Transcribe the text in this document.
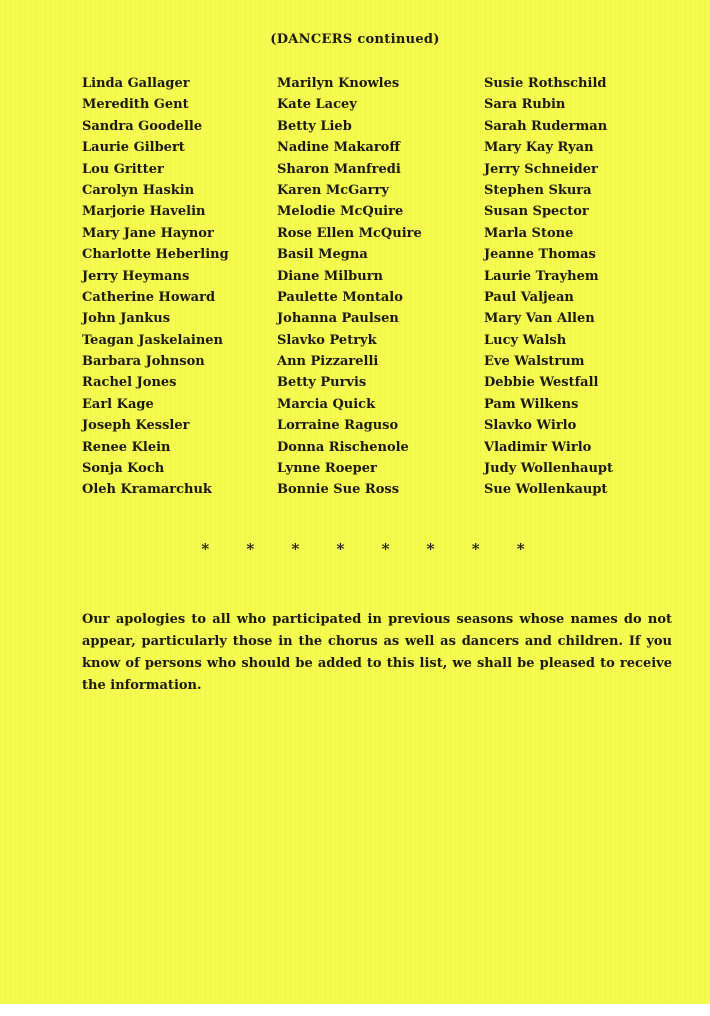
(DANCERS continued)
Linda Gallager
Meredith Gent
Sandra Goodelle
Laurie Gilbert
Lou Gritter
Carolyn Haskin
Marjorie Havelin
Mary Jane Haynor
Charlotte Heberling
Jerry Heymans
Catherine Howard
John Jankus
Teagan Jaskelainen
Barbara Johnson
Rachel Jones
Earl Kage
Joseph Kessler
Renee Klein
Sonja Koch
Oleh Kramarchuk
Marilyn Knowles
Kate Lacey
Betty Lieb
Nadine Makaroff
Sharon Manfredi
Karen McGarry
Melodie McQuire
Rose Ellen McQuire
Basil Megna
Diane Milburn
Paulette Montalo
Johanna Paulsen
Slavko Petryk
Ann Pizzarelli
Betty Purvis
Marcia Quick
Lorraine Raguso
Donna Rischenole
Lynne Roeper
Bonnie Sue Ross
Susie Rothschild
Sara Rubin
Sarah Ruderman
Mary Kay Ryan
Jerry Schneider
Stephen Skura
Susan Spector
Marla Stone
Jeanne Thomas
Laurie Trayhem
Paul Valjean
Mary Van Allen
Lucy Walsh
Eve Walstrum
Debbie Westfall
Pam Wilkens
Slavko Wirlo
Vladimir Wirlo
Judy Wollenhaupt
Sue Wollenkaupt
* * * * * * * *

Our apologies to all who participated in previous seasons whose names do not appear, particularly those in the chorus as well as dancers and children. If you know of persons who should be added to this list, we shall be pleased to receive the information.
